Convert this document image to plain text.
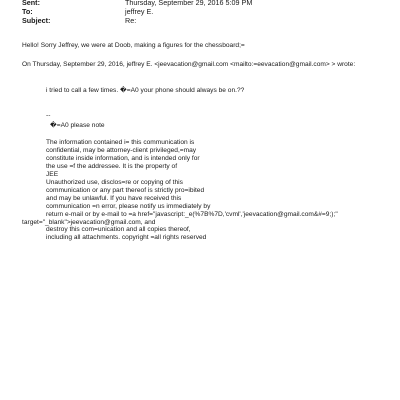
Sent:	Thursday, September 29, 2016 5:09 PM
To:	jeffrey E.
Subject:	Re:
Hello! Sorry Jeffrey, we were at Doob, making a figures for the chessboard;=
On Thursday, September 29, 2016, jeffrey E. <jeevacation@gmail.com <mailto:=eevacation@gmail.com> > wrote:
i tried to call a few times. �=A0 your phone should always be on.??
--
�=A0 please note
The information contained i= this communication is
confidential, may be attorney-client privileged,=may
constitute inside information, and is intended only for
the use =f the addressee. It is the property of
JEE
Unauthorized use, disclos=re or copying of this
communication or any part thereof is strictly pro=ibited
and may be unlawful. If you have received this
communication =n error, please notify us immediately by
return e-mail or by e-mail to =a href="javascript:_e(%7B%7D,'cvml','jeevacation@gmail.com&#=9;);"
target="_blank">jeevacation@gmail.com, and
destroy this com=unication and all copies thereof,
including all attachments. copyright =all rights reserved
